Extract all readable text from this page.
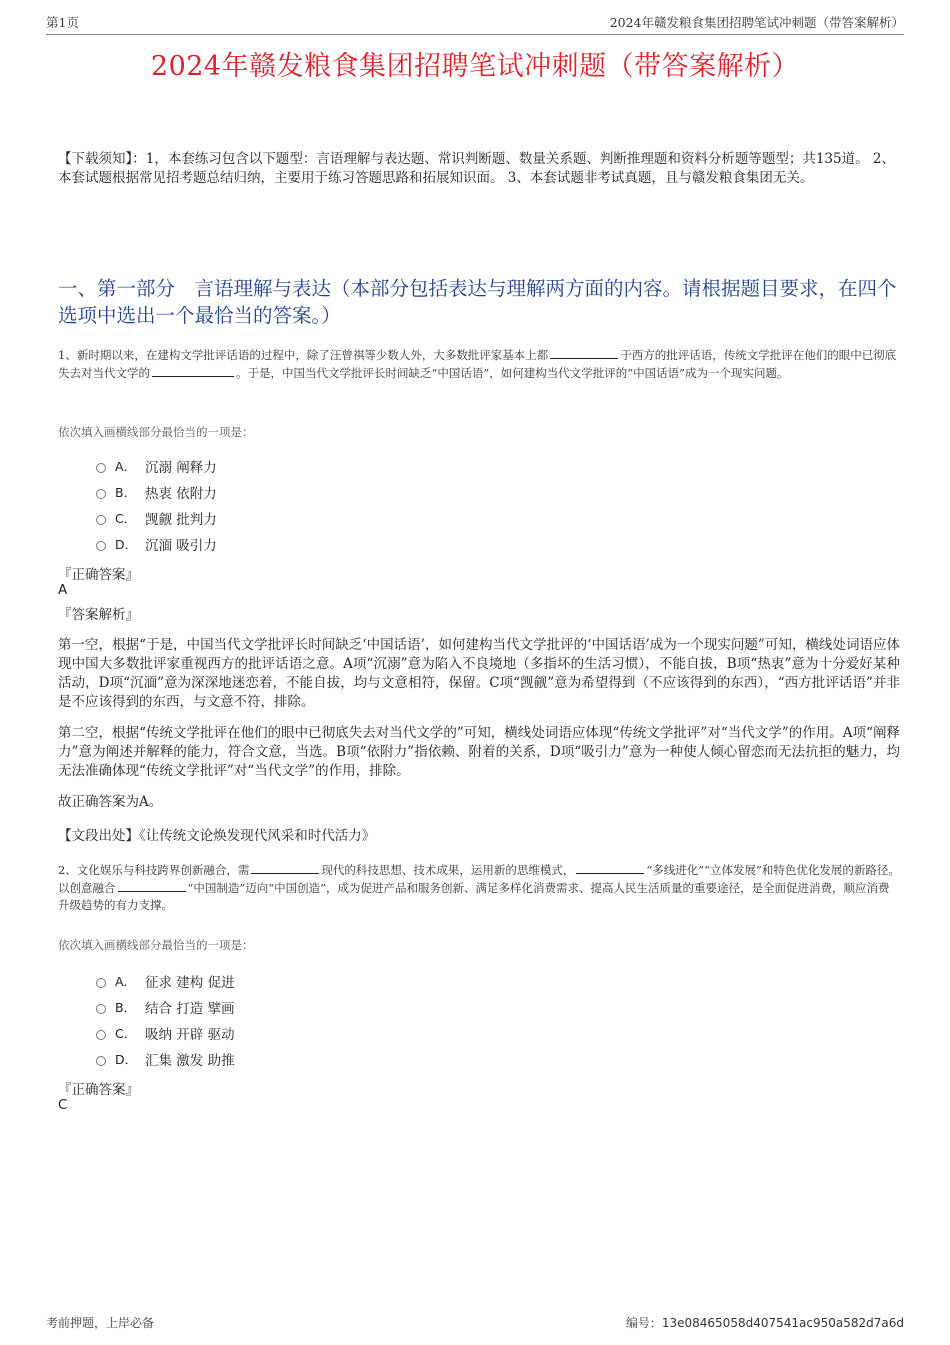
第1页	2024年赣发粮食集团招聘笔试冲刺题（带答案解析）
2024年赣发粮食集团招聘笔试冲刺题（带答案解析）
【下载须知】：1，本套练习包含以下题型：言语理解与表达题、常识判断题、数量关系题、判断推理题和资料分析题等题型；共135道。 2、本套试题根据常见招考题总结归纳，主要用于练习答题思路和拓展知识面。 3、本套试题非考试真题，且与赣发粮食集团无关。
一、第一部分　言语理解与表达（本部分包括表达与理解两方面的内容。请根据题目要求，在四个选项中选出一个最恰当的答案。）
1、新时期以来，在建构文学批评话语的过程中，除了汪曾祺等少数人外，大多数批评家基本上都	于西方的批评话语，传统文学批评在他们的眼中已彻底失去对当代文学的	。于是，中国当代文学批评长时间缺乏“中国话语”，如何建构当代文学批评的“中国话语”成为一个现实问题。
依次填入画横线部分最恰当的一项是：
A． 沉溺 阐释力
B． 热衷 依附力
C． 觊觎 批判力
D． 沉湎 吸引力
『正确答案』
A
『答案解析』
第一空，根据“于是，中国当代文学批评长时间缺乏‘中国话语’，如何建构当代文学批评的‘中国话语’成为一个现实问题”可知，横线处词语应体现中国大多数批评家重视西方的批评话语之意。A项“沉溺”意为陷入不良境地（多指坏的生活习惯），不能自拔，B项“热衷”意为十分爱好某种活动，D项“沉湎”意为深深地迷恋着，不能自拔，均与文意相符，保留。C项“觊觎”意为希望得到（不应该得到的东西），“西方批评话语”并非是不应该得到的东西，与文意不符，排除。
第二空，根据“传统文学批评在他们的眼中已彻底失去对当代文学的”可知，横线处词语应体现“传统文学批评”对“当代文学”的作用。A项“阐释力”意为阐述并解释的能力，符合文意，当选。B项“依附力”指依赖、附着的关系，D项“吸引力”意为一种使人倾心留恋而无法抗拒的魅力，均无法准确体现“传统文学批评”对“当代文学”的作用，排除。
故正确答案为A。
【文段出处】《让传统文论焕发现代风采和时代活力》
2、文化娱乐与科技跨界创新融合，需	现代的科技思想、技术成果，运用新的思维模式，	“多线进化”“立体发展”和特色优化发展的新路径。以创意融合	“中国制造”迈向“中国创造”，成为促进产品和服务创新、满足多样化消费需求、提高人民生活质量的重要途径，是全面促进消费，顺应消费升级趋势的有力支撑。
依次填入画横线部分最恰当的一项是：
A． 征求 建构 促进
B． 结合 打造 擘画
C． 吸纳 开辟 驱动
D． 汇集 激发 助推
『正确答案』
C
考前押题，上岸必备	编号：13e08465058d407541ac950a582d7a6d
